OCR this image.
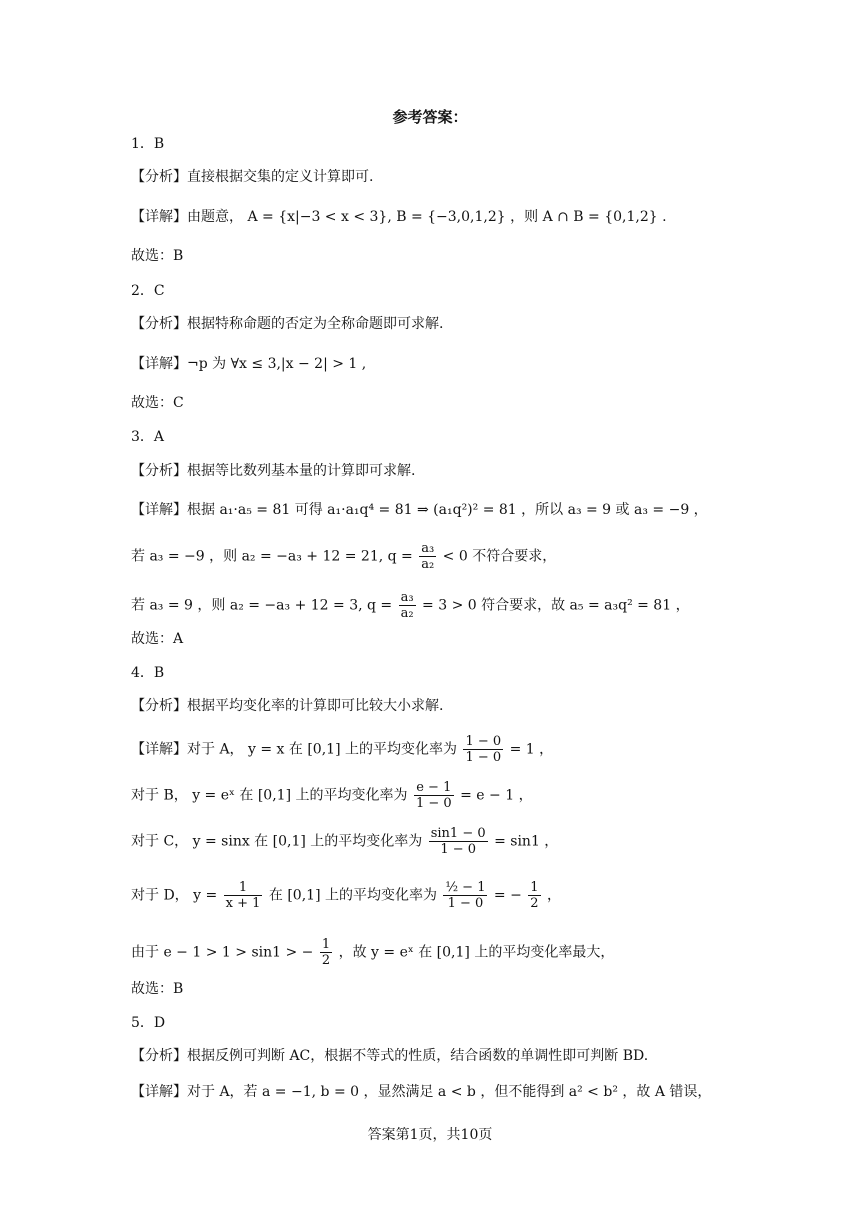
参考答案：
1．B
【分析】直接根据交集的定义计算即可.
【详解】由题意， A = {x|−3 < x < 3}, B = {−3,0,1,2} ，则 A ∩ B = {0,1,2} .
故选：B
2．C
【分析】根据特称命题的否定为全称命题即可求解.
【详解】¬p 为 ∀x ≤ 3,|x − 2| > 1 ,
故选：C
3．A
【分析】根据等比数列基本量的计算即可求解.
【详解】根据 a₁·a₅ = 81 可得 a₁·a₁q⁴ = 81 ⇒ (a₁q²)² = 81 ，所以 a₃ = 9 或 a₃ = −9 ，
若 a₃ = −9 ，则 a₂ = −a₃ + 12 = 21, $q = \frac{\text{a₃}}{\text{a₂}} < 0$ 不符合要求，
若 a₃ = 9 ，则 a₂ = −a₃ + 12 = 3, $q = \frac{\text{a₃}}{\text{a₂}} = 3 > 0$ 符合要求，故 a₅ = a₃q² = 81 ，
故选：A
4．B
【分析】根据平均变化率的计算即可比较大小求解.
【详解】对于 A， y = x 在 [0,1] 上的平均变化率为 $\frac{1 - 0}{1 - 0} = 1$ ，
对于 B， y = eˣ 在 [0,1] 上的平均变化率为 $\frac{e - 1}{1 - 0} = e - 1$ ，
对于 C， y = sinx 在 [0,1] 上的平均变化率为 $\frac{\sin 1 - 0}{1 - 0} = \sin 1$ ，
对于 D， $y = \frac{1}{x + 1}$ 在 [0,1] 上的平均变化率为 $\frac{\text{½ − 1}}{1 - 0}$ = − $\frac{1}{2}$ ，
由于 e − 1 > 1 > sin1 > − $\frac{1}{2}$ ，故 y = eˣ 在 [0,1] 上的平均变化率最大，
故选：B
5．D
【分析】根据反例可判断 AC，根据不等式的性质，结合函数的单调性即可判断 BD.
【详解】对于 A，若 a = −1, b = 0 ，显然满足 a < b ，但不能得到 a² < b² ，故 A 错误，
答案第1页，共10页
